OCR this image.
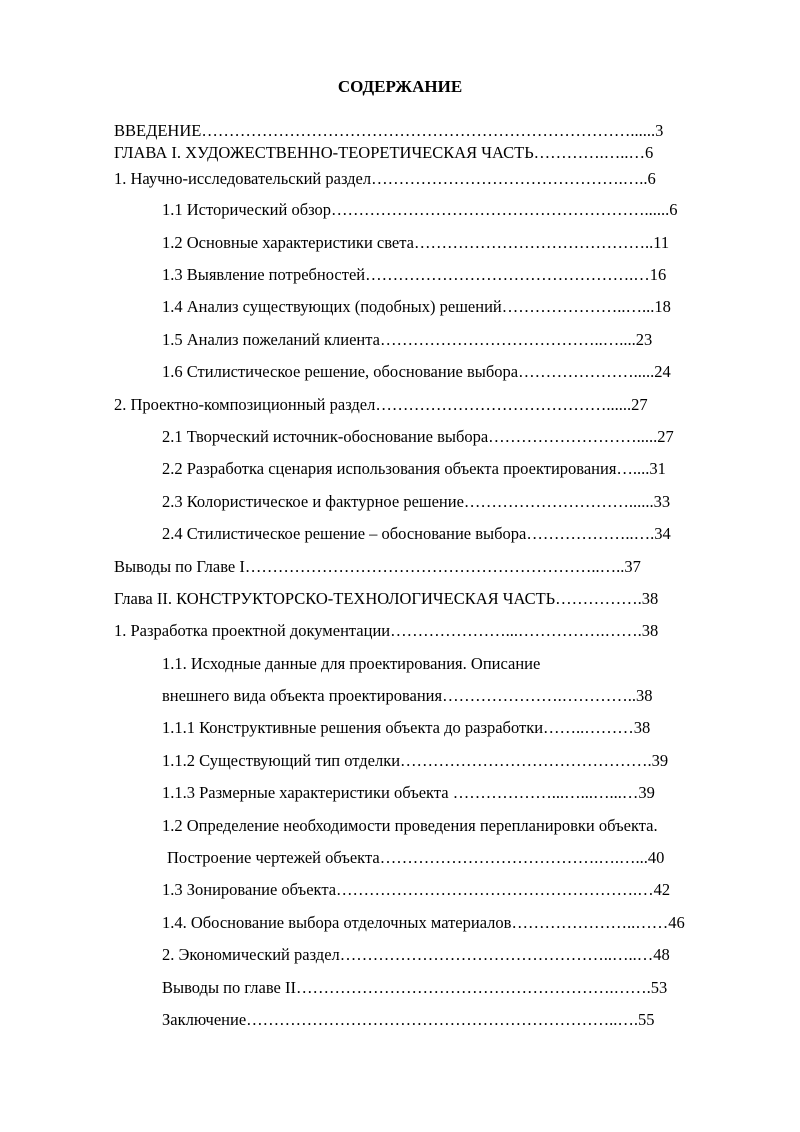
СОДЕРЖАНИЕ
ВВЕДЕНИЕ……………………………………………………………………......3
ГЛАВА I. ХУДОЖЕСТВЕННО-ТЕОРЕТИЧЕСКАЯ ЧАСТЬ………….…..…6
1. Научно-исследовательский раздел……………………………………….…..6
1.1 Исторический обзор…………………………………………………......6
1.2 Основные характеристики света……………………………………..11
1.3 Выявление потребностей………………………………………….…16
1.4 Анализ существующих (подобных) решений…………………..…...18
1.5 Анализ пожеланий клиента…………………………………..…....23
1.6 Стилистическое решение, обоснование выбора………………….....24
2. Проектно-композиционный раздел……………………………………......27
2.1 Творческий источник-обоснование выбора……………………….....27
2.2 Разработка сценария использования объекта проектирования…....31
2.3 Колористическое и фактурное решение…………………………......33
2.4 Стилистическое решение – обоснование выбора………………..….34
Выводы по Главе I………………………………………………………..…..37
Глава II. КОНСТРУКТОРСКО-ТЕХНОЛОГИЧЕСКАЯ ЧАСТЬ…………….38
1. Разработка проектной документации…………………...…………….…….38
1.1. Исходные данные для проектирования. Описание
внешнего вида объекта проектирования………………….…………..38
1.1.1 Конструктивные решения объекта до разработки……..………38
1.1.2 Существующий тип отделки……………………………………….39
1.1.3 Размерные характеристики объекта ………………...…...…...…39
1.2 Определение необходимости проведения перепланировки объекта.
Построение чертежей объекта………………………………….….…...40
1.3 Зонирование объекта……………………………………………….…42
1.4. Обоснование выбора отделочных материалов…………………..……46
2. Экономический раздел…………………………………………..…..…48
Выводы по главе II………………………………………………….…….53
Заключение…………………………………………………………..….55
